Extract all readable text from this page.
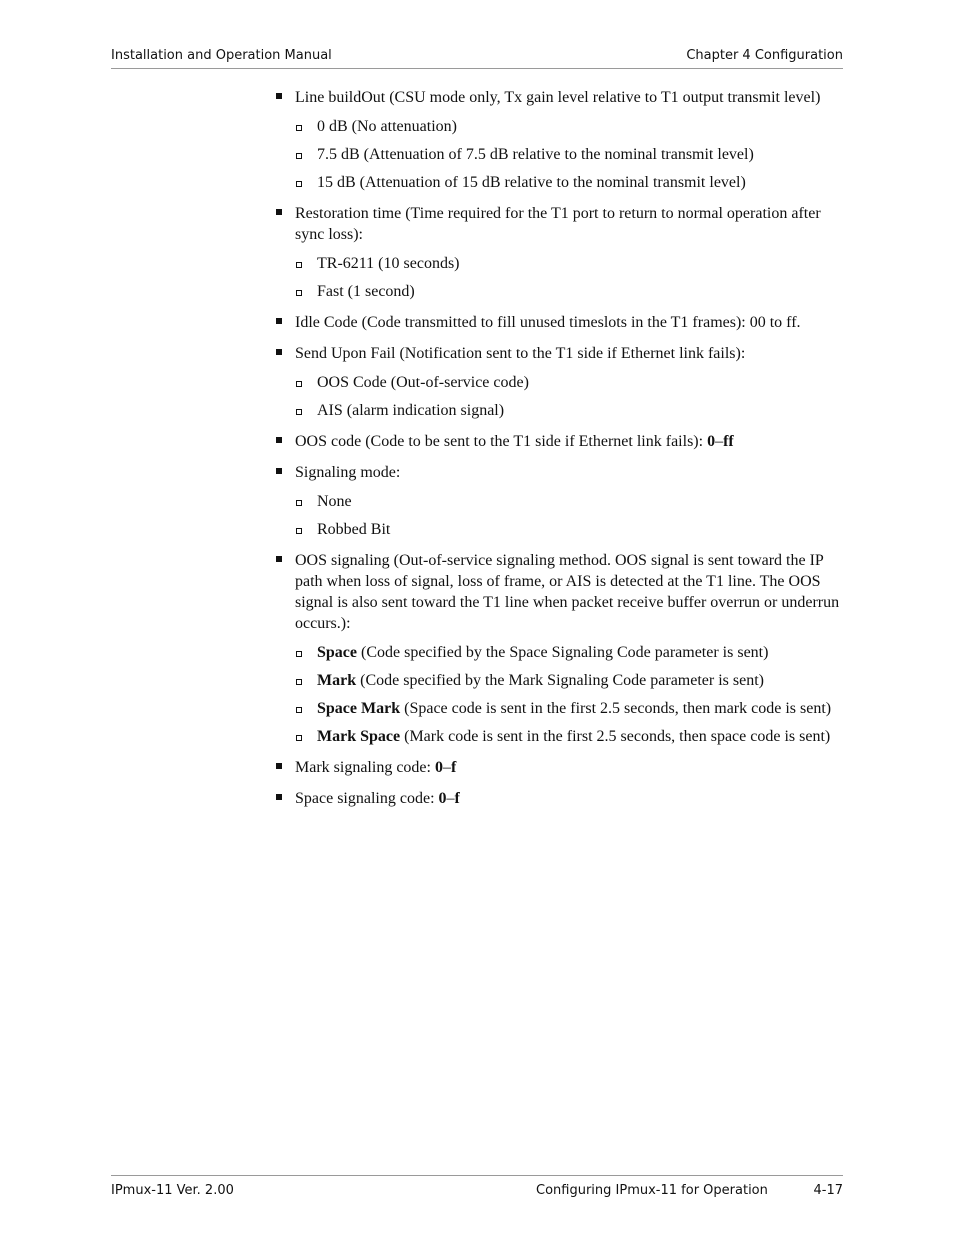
Installation and Operation Manual	Chapter 4 Configuration
Line buildOut (CSU mode only, Tx gain level relative to T1 output transmit level)
0 dB (No attenuation)
7.5 dB (Attenuation of 7.5 dB relative to the nominal transmit level)
15 dB (Attenuation of 15 dB relative to the nominal transmit level)
Restoration time (Time required for the T1 port to return to normal operation after sync loss):
TR-6211 (10 seconds)
Fast (1 second)
Idle Code (Code transmitted to fill unused timeslots in the T1 frames): 00 to ff.
Send Upon Fail (Notification sent to the T1 side if Ethernet link fails):
OOS Code (Out-of-service code)
AIS (alarm indication signal)
OOS code (Code to be sent to the T1 side if Ethernet link fails): 0–ff
Signaling mode:
None
Robbed Bit
OOS signaling (Out-of-service signaling method. OOS signal is sent toward the IP path when loss of signal, loss of frame, or AIS is detected at the T1 line. The OOS signal is also sent toward the T1 line when packet receive buffer overrun or underrun occurs.):
Space (Code specified by the Space Signaling Code parameter is sent)
Mark (Code specified by the Mark Signaling Code parameter is sent)
Space Mark (Space code is sent in the first 2.5 seconds, then mark code is sent)
Mark Space (Mark code is sent in the first 2.5 seconds, then space code is sent)
Mark signaling code: 0–f
Space signaling code: 0–f
IPmux-11 Ver. 2.00	Configuring IPmux-11 for Operation	4-17
